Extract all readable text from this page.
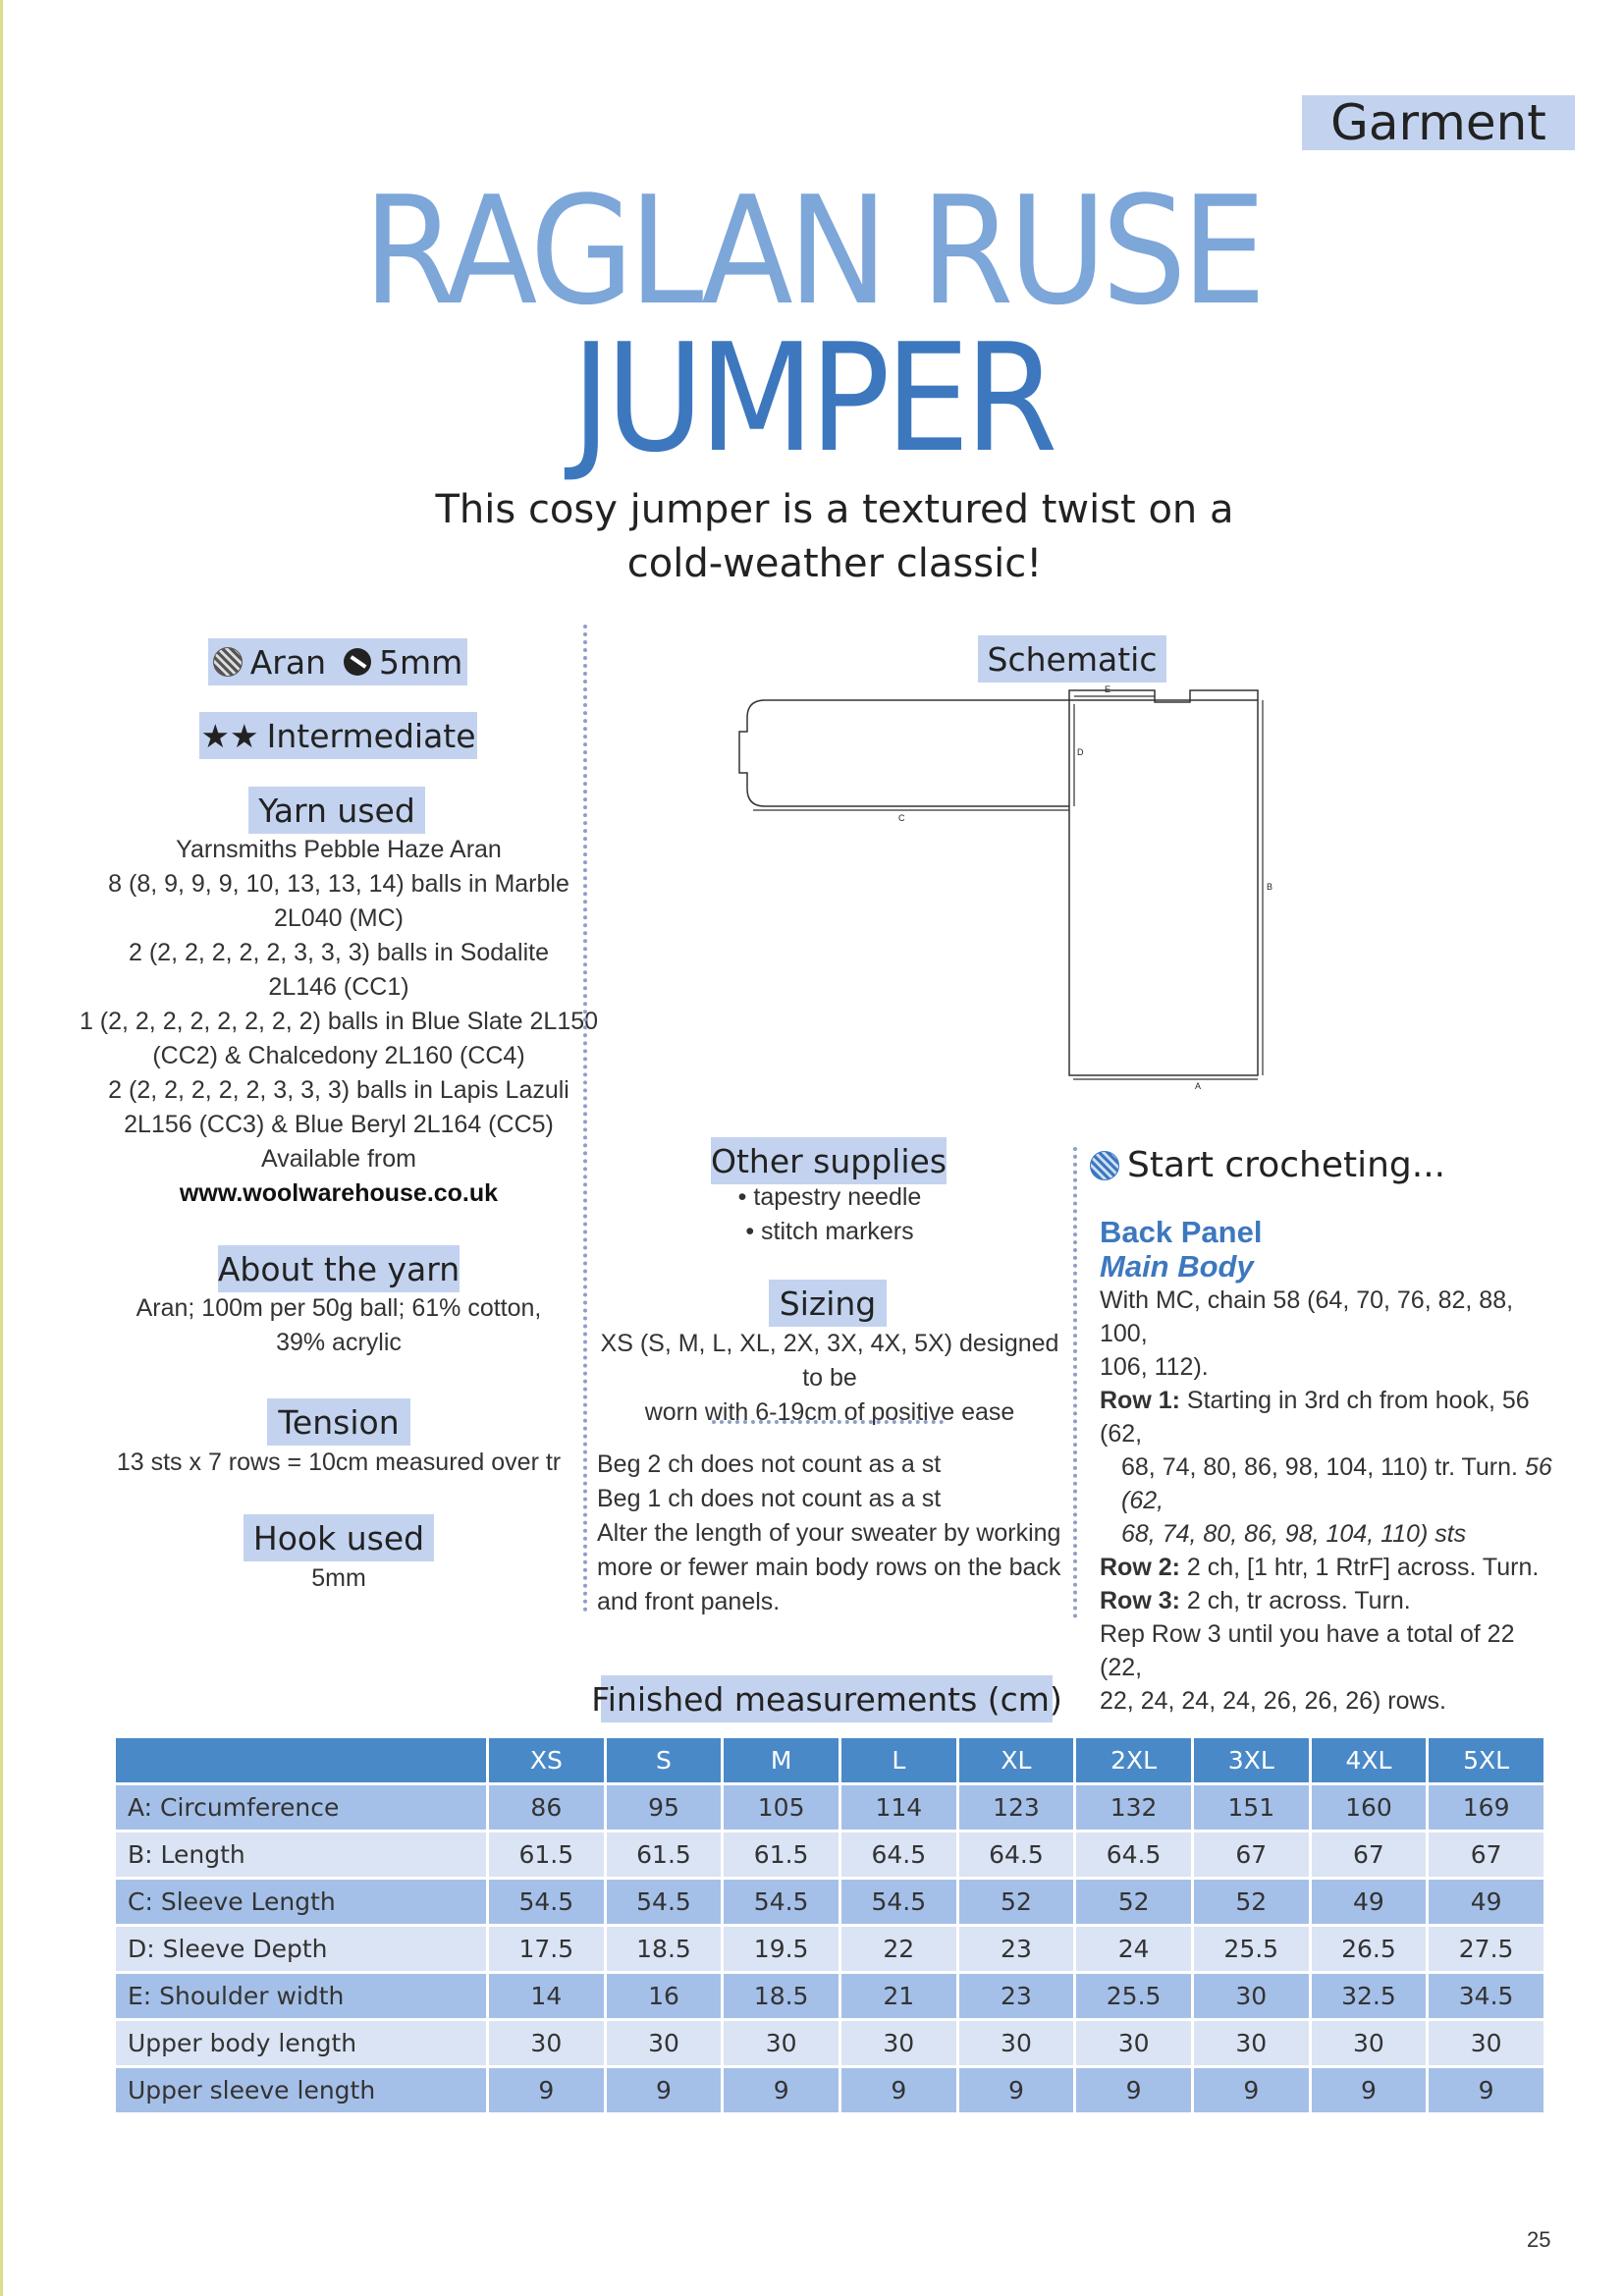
Garment
RAGLAN RUSE
JUMPER
This cosy jumper is a textured twist on a cold-weather classic!
Aran 5mm
★★ Intermediate
Yarn used
Yarnsmiths Pebble Haze Aran
8 (8, 9, 9, 9, 10, 13, 13, 14) balls in Marble
2L040 (MC)
2 (2, 2, 2, 2, 2, 3, 3, 3) balls in Sodalite
2L146 (CC1)
1 (2, 2, 2, 2, 2, 2, 2, 2) balls in Blue Slate 2L150
(CC2) & Chalcedony 2L160 (CC4)
2 (2, 2, 2, 2, 2, 3, 3, 3) balls in Lapis Lazuli
2L156 (CC3) & Blue Beryl 2L164 (CC5)
Available from
www.woolwarehouse.co.uk
About the yarn
Aran; 100m per 50g ball; 61% cotton,
39% acrylic
Tension
13 sts x 7 rows = 10cm measured over tr
Hook used
5mm
Schematic
E
D
C
B
A
Other supplies
• tapestry needle
• stitch markers
Sizing
XS (S, M, L, XL, 2X, 3X, 4X, 5X) designed to be
worn with 6-19cm of positive ease
Beg 2 ch does not count as a st
Beg 1 ch does not count as a st
Alter the length of your sweater by working
more or fewer main body rows on the back
and front panels.
Start crocheting...
Back Panel
Main Body

With MC, chain 58 (64, 70, 76, 82, 88, 100,

106, 112).

Row 1: Starting in 3rd ch from hook, 56 (62,

68, 74, 80, 86, 98, 104, 110) tr. Turn. 56 (62,

68, 74, 80, 86, 98, 104, 110) sts

Row 2: 2 ch, [1 htr, 1 RtrF] across. Turn.

Row 3: 2 ch, tr across. Turn.

Rep Row 3 until you have a total of 22 (22,

22, 24, 24, 24, 26, 26, 26) rows.

Finished measurements (cm)
	XS	S	M	L	XL	2XL	3XL	4XL	5XL
A: Circumference	86	95	105	114	123	132	151	160	169
B: Length	61.5	61.5	61.5	64.5	64.5	64.5	67	67	67
C: Sleeve Length	54.5	54.5	54.5	54.5	52	52	52	49	49
D: Sleeve Depth	17.5	18.5	19.5	22	23	24	25.5	26.5	27.5
E: Shoulder width	14	16	18.5	21	23	25.5	30	32.5	34.5
Upper body length	30	30	30	30	30	30	30	30	30
Upper sleeve length	9	9	9	9	9	9	9	9	9
25
